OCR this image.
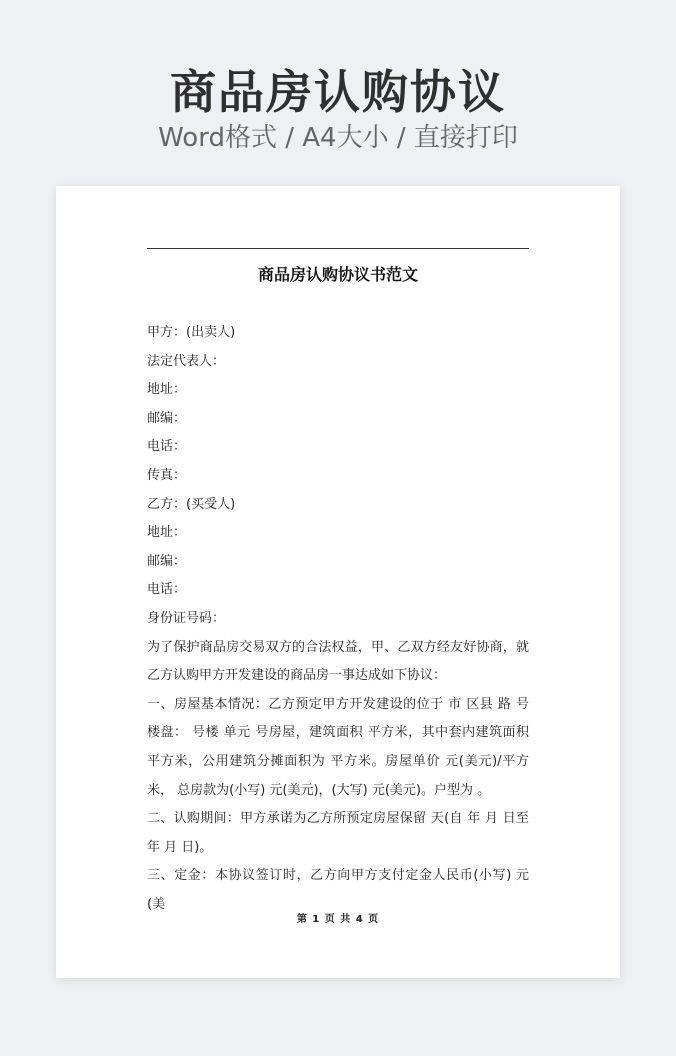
商品房认购协议
Word格式 / A4大小 / 直接打印
商品房认购协议书范文
甲方：(出卖人)
法定代表人：
地址：
邮编：
电话：
传真：
乙方：(买受人)
地址：
邮编：
电话：
身份证号码：
为了保护商品房交易双方的合法权益，甲、乙双方经友好协商，就乙方认购甲方开发建设的商品房一事达成如下协议：
一、房屋基本情况：乙方预定甲方开发建设的位于 市 区县 路 号 楼盘： 号楼 单元 号房屋，建筑面积 平方米，其中套内建筑面积 平方米，公用建筑分摊面积为 平方米。房屋单价 元(美元)/平方米， 总房款为(小写) 元(美元)，(大写) 元(美元)。户型为 。
二、认购期间：甲方承诺为乙方所预定房屋保留 天(自 年 月 日至 年 月 日)。
三、定金：本协议签订时，乙方向甲方支付定金人民币(小写) 元(美
第 1 页 共 4 页
